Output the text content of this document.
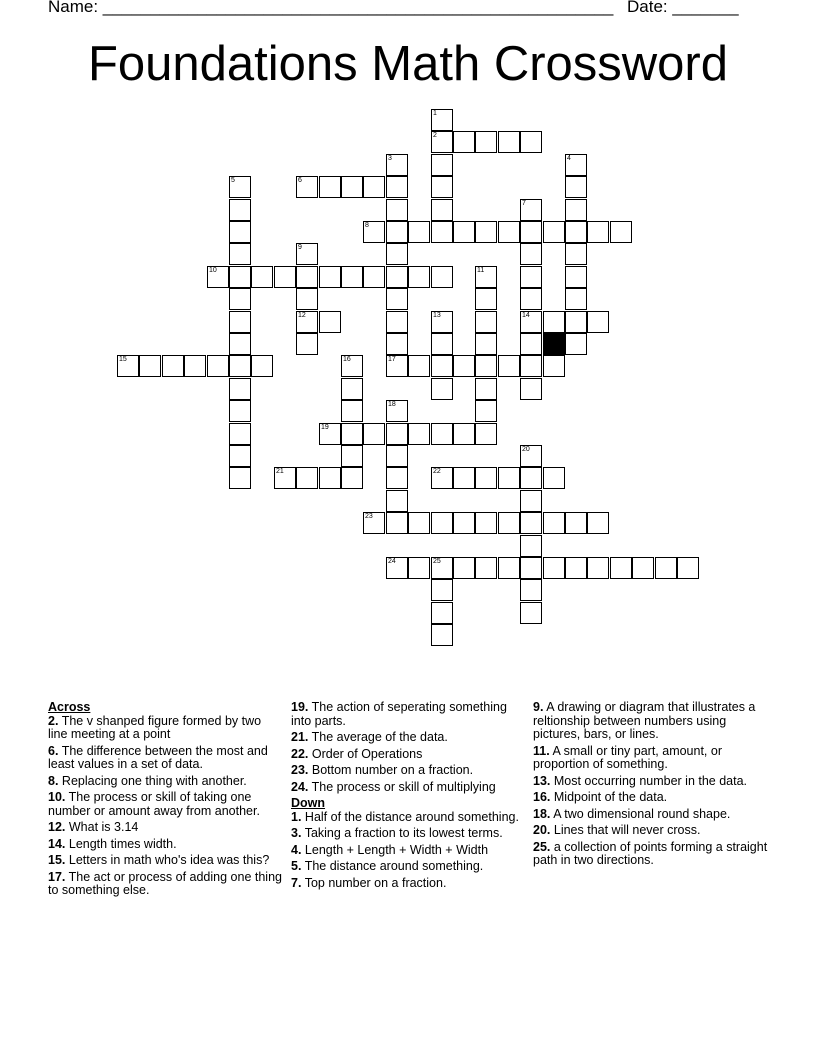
Name: ______________________________________________________ Date: _______
Foundations Math Crossword
1
2
3	4
5	6
7
14
8
9
12
10	11
13
15	16	17
18
19
20
21	22
23
24	25

Across

2. The v shanped figure formed by two line meeting at a point

6. The difference between the most and least values in a set of data.

8. Replacing one thing with another.

10. The process or skill of taking one number or amount away from another.

12. What is 3.14

14. Length times width.

15. Letters in math who's idea was this?

17. The act or process of adding one thing to something else.

19. The action of seperating something into parts.

21. The average of the data.

22. Order of Operations

23. Bottom number on a fraction.

24. The process or skill of multiplying

Down

1. Half of the distance around something.

3. Taking a fraction to its lowest terms.

4. Length + Length + Width + Width

5. The distance around something.

7. Top number on a fraction.

9. A drawing or diagram that illustrates a reltionship between numbers using pictures, bars, or lines.

11. A small or tiny part, amount, or proportion of something.

13. Most occurring number in the data.

16. Midpoint of the data.

18. A two dimensional round shape.

20. Lines that will never cross.

25. a collection of points forming a straight path in two directions.
